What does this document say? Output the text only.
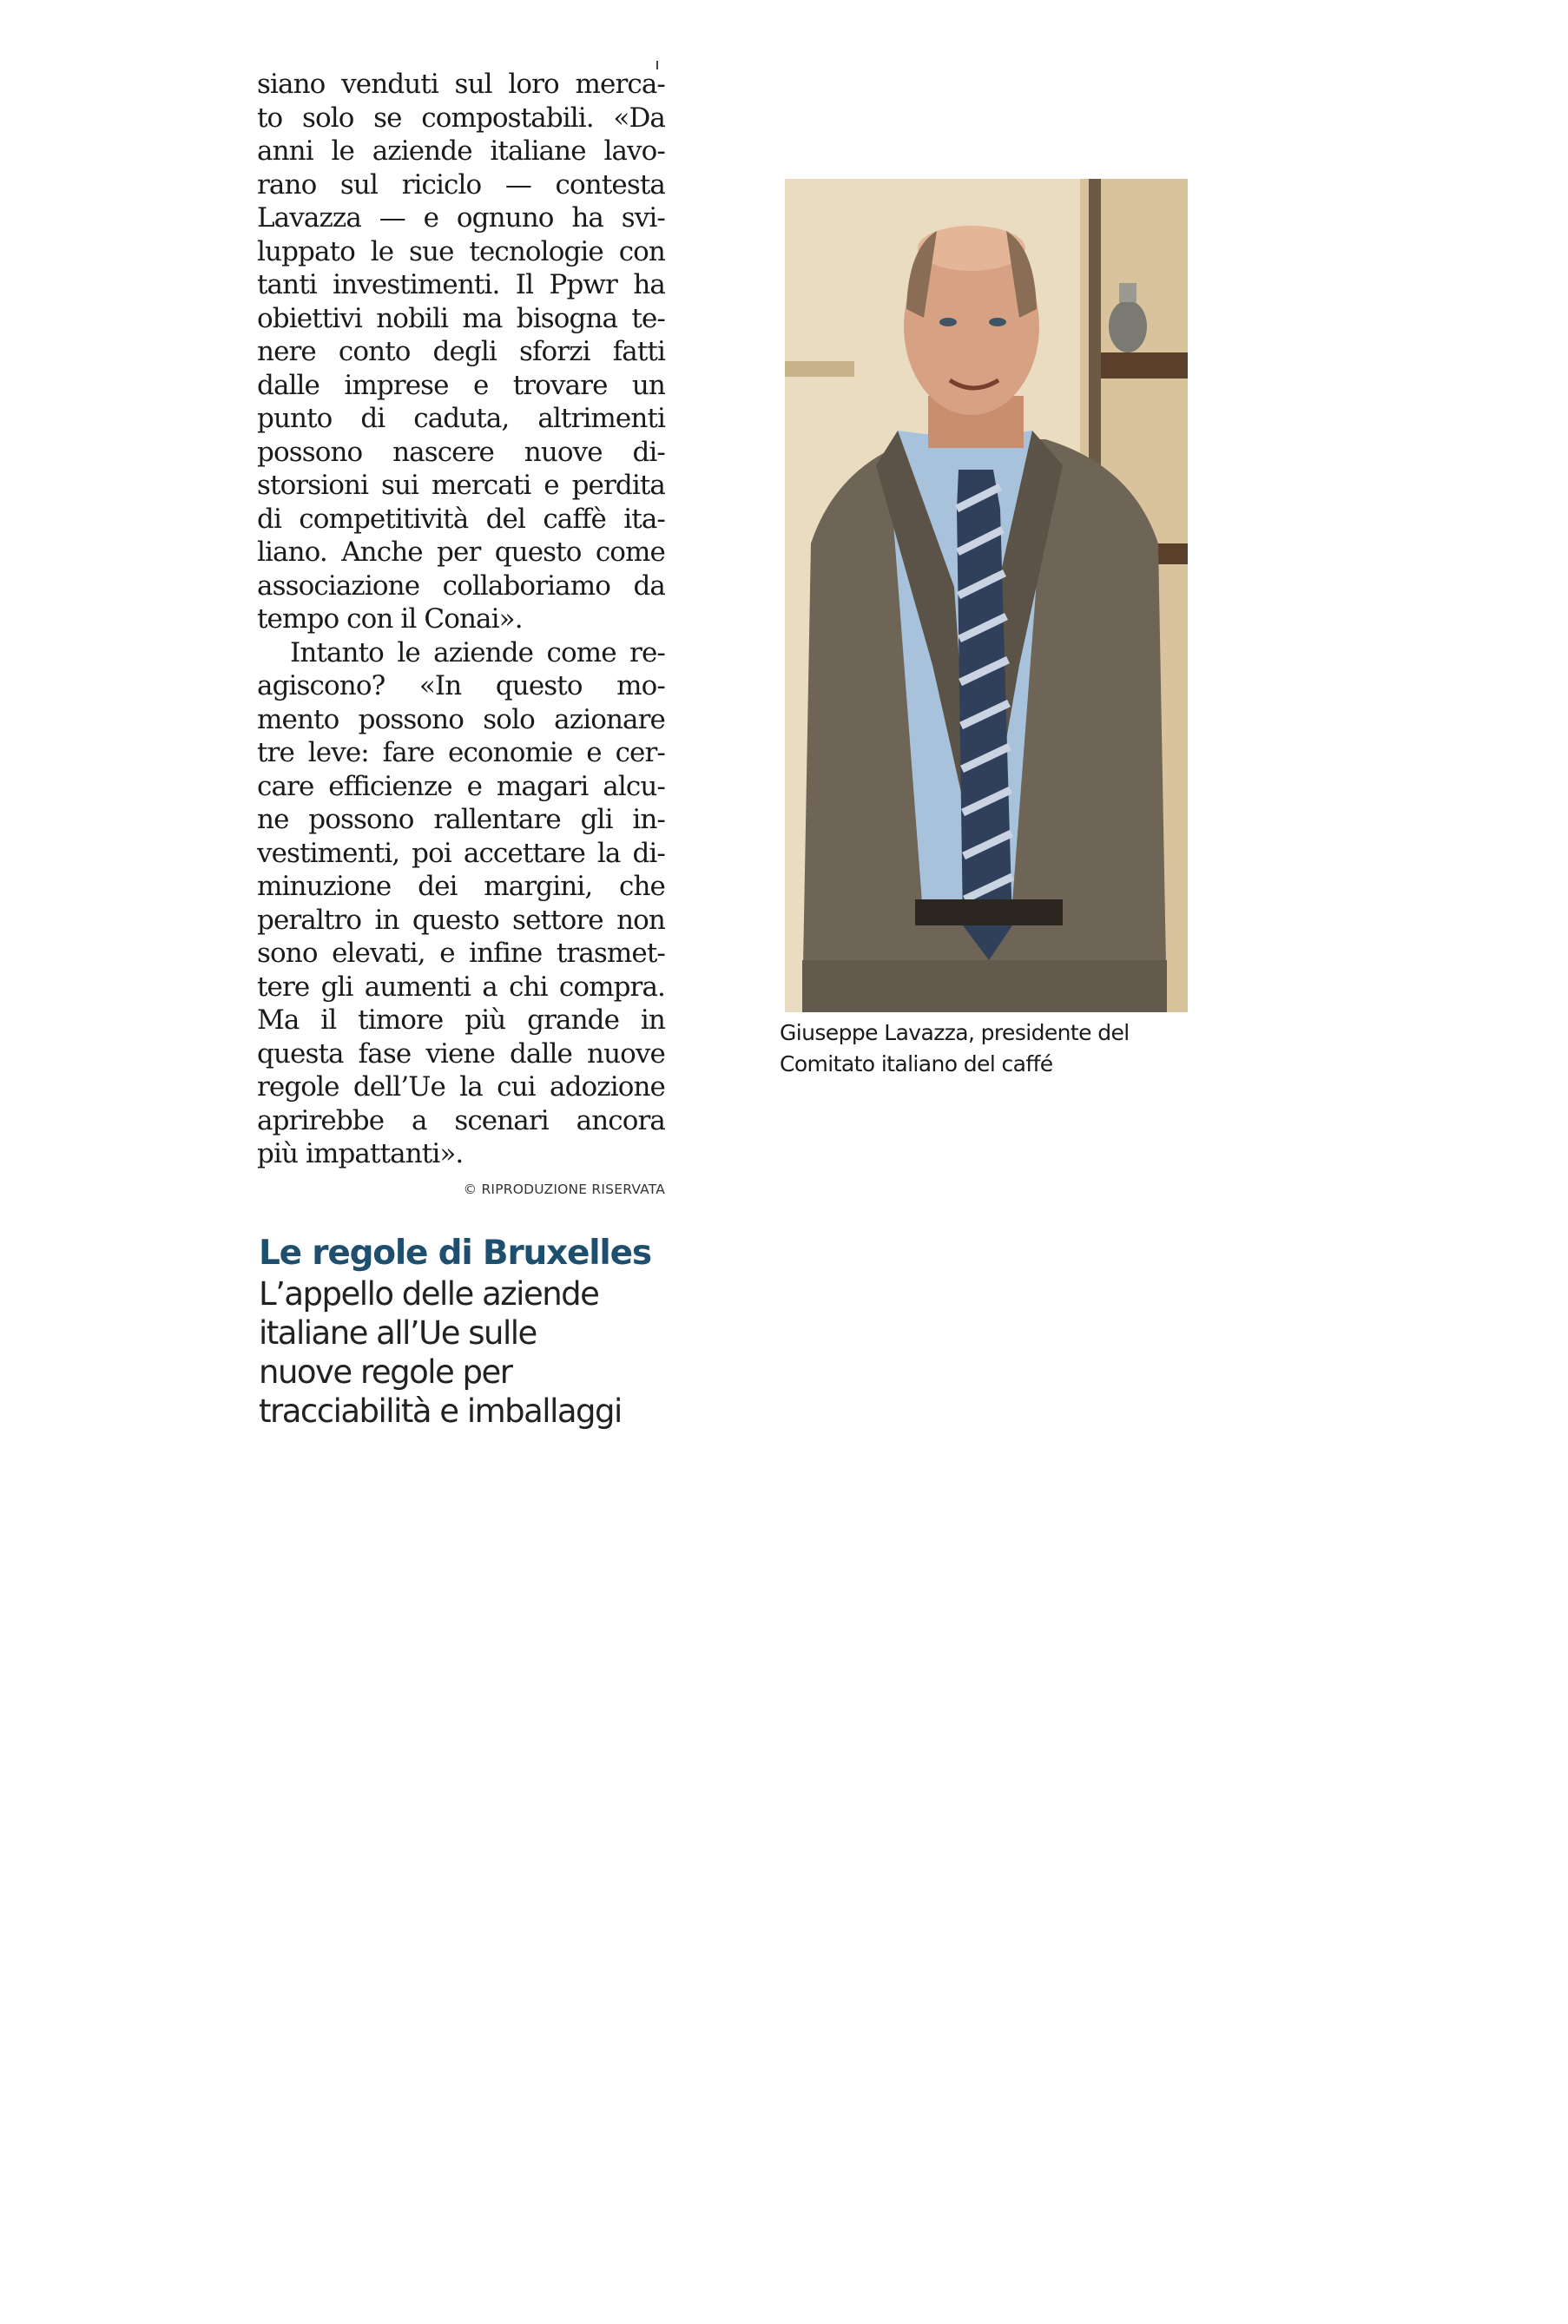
siano venduti sul loro merca-
to solo se compostabili. «Da
anni le aziende italiane lavo-
rano sul riciclo — contesta
Lavazza — e ognuno ha svi-
luppato le sue tecnologie con
tanti investimenti. Il Ppwr ha
obiettivi nobili ma bisogna te-
nere conto degli sforzi fatti
dalle imprese e trovare un
punto di caduta, altrimenti
possono nascere nuove di-
storsioni sui mercati e perdita
di competitività del caffè ita-
liano. Anche per questo come
associazione collaboriamo da
tempo con il Conai».
Intanto le aziende come re-
agiscono? «In questo mo-
mento possono solo azionare
tre leve: fare economie e cer-
care efficienze e magari alcu-
ne possono rallentare gli in-
vestimenti, poi accettare la di-
minuzione dei margini, che
peraltro in questo settore non
sono elevati, e infine trasmet-
tere gli aumenti a chi compra.
Ma il timore più grande in
questa fase viene dalle nuove
regole dell’Ue la cui adozione
aprirebbe a scenari ancora
più impattanti».
© RIPRODUZIONE RISERVATA
Le regole di Bruxelles

L’appello delle aziende
italiane all’Ue sulle
nuove regole per
tracciabilità e imballaggi

Giuseppe Lavazza, presidente del
Comitato italiano del caffé
